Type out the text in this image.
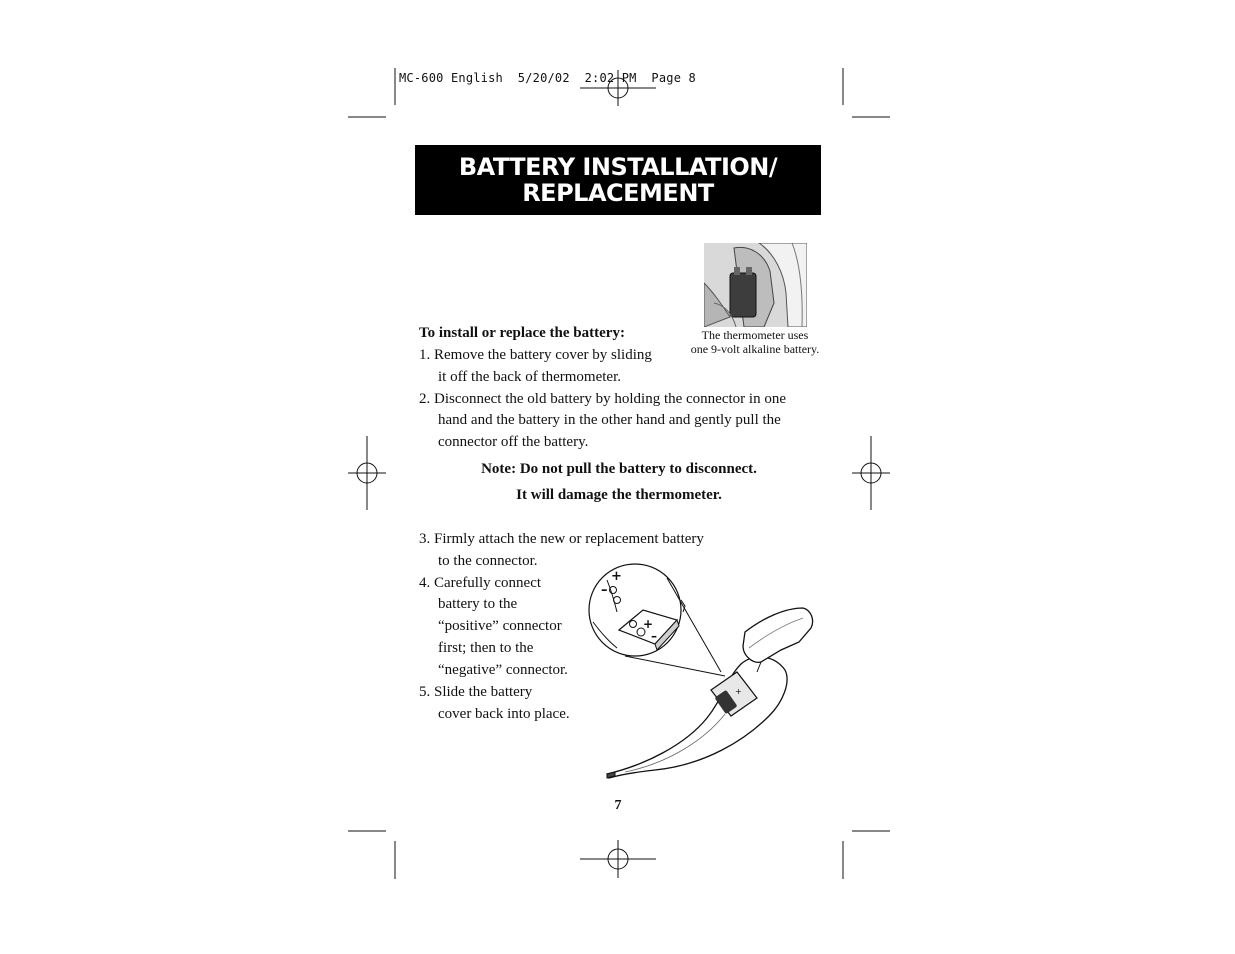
MC-600 English  5/20/02  2:02 PM  Page 8
BATTERY INSTALLATION/
REPLACEMENT
The thermometer uses
one 9-volt alkaline battery.
To install or replace the battery:
1. Remove the battery cover by sliding
it off the back of thermometer.
2. Disconnect the old battery by holding the connector in one
hand and the battery in the other hand and gently pull the
connector off the battery.
Note: Do not pull the battery to disconnect.
It will damage the thermometer.
3. Firmly attach the new or replacement battery
to the connector.
4. Carefully connect
battery to the
“positive” connector
first; then to the
“negative” connector.
5. Slide the battery
cover back into place.
+
–
+
–
+
7
